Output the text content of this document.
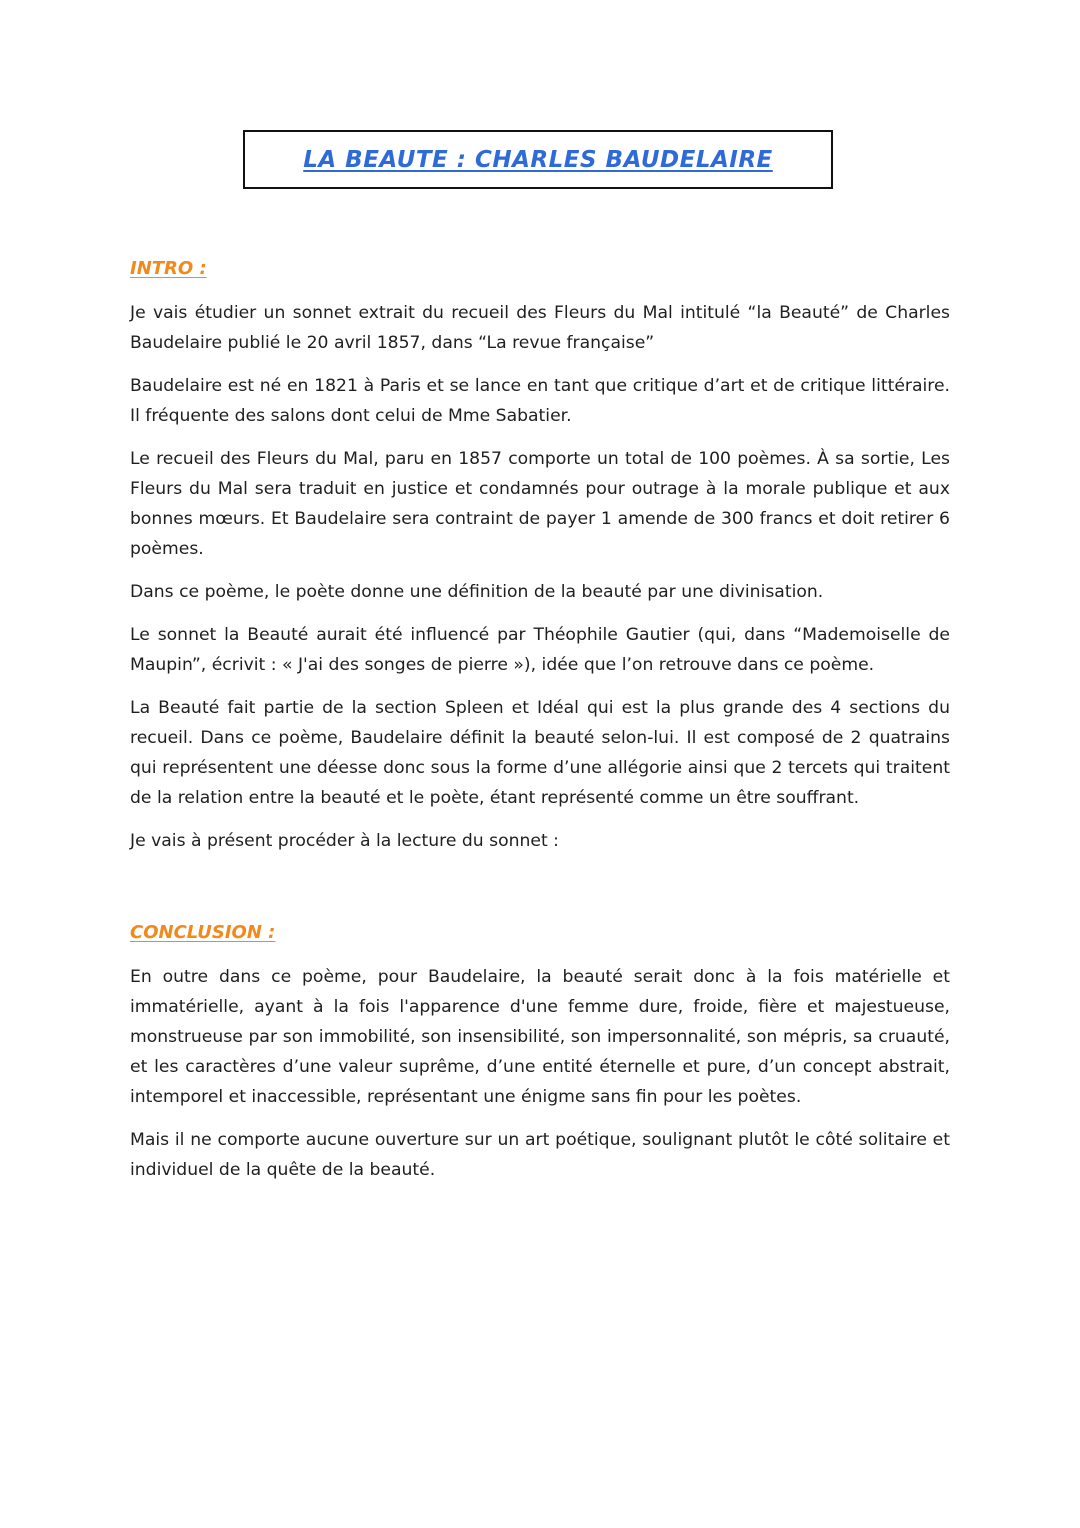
LA BEAUTE : CHARLES BAUDELAIRE
INTRO :

Je vais étudier un sonnet extrait du recueil des Fleurs du Mal intitulé “la Beauté” de Charles Baudelaire publié le 20 avril 1857, dans “La revue française”

Baudelaire est né en 1821 à Paris et se lance en tant que critique d’art et de critique littéraire. Il fréquente des salons dont celui de Mme Sabatier.

Le recueil des Fleurs du Mal, paru en 1857 comporte un total de 100 poèmes. À sa sortie, Les Fleurs du Mal sera traduit en justice et condamnés pour outrage à la morale publique et aux bonnes mœurs. Et Baudelaire sera contraint de payer 1 amende de 300 francs et doit retirer 6 poèmes.

Dans ce poème, le poète donne une définition de la beauté par une divinisation.

Le sonnet la Beauté aurait été influencé par Théophile Gautier (qui, dans “Mademoiselle de Maupin”, écrivit : « J'ai des songes de pierre »), idée que l’on retrouve dans ce poème.

La Beauté fait partie de la section Spleen et Idéal qui est la plus grande des 4 sections du recueil. Dans ce poème, Baudelaire définit la beauté selon-lui. Il est composé de 2 quatrains qui représentent une déesse donc sous la forme d’une allégorie ainsi que 2 tercets qui traitent de la relation entre la beauté et le poète, étant représenté comme un être souffrant.

Je vais à présent procéder à la lecture du sonnet :

CONCLUSION :

En outre dans ce poème, pour Baudelaire, la beauté serait donc à la fois matérielle et immatérielle, ayant à la fois l'apparence d'une femme dure, froide, fière et majestueuse, monstrueuse par son immobilité, son insensibilité, son impersonnalité, son mépris, sa cruauté, et les caractères d’une valeur suprême, d’une entité éternelle et pure, d’un concept abstrait, intemporel et inaccessible, représentant une énigme sans fin pour les poètes.

Mais il ne comporte aucune ouverture sur un art poétique, soulignant plutôt le côté solitaire et individuel de la quête de la beauté.
